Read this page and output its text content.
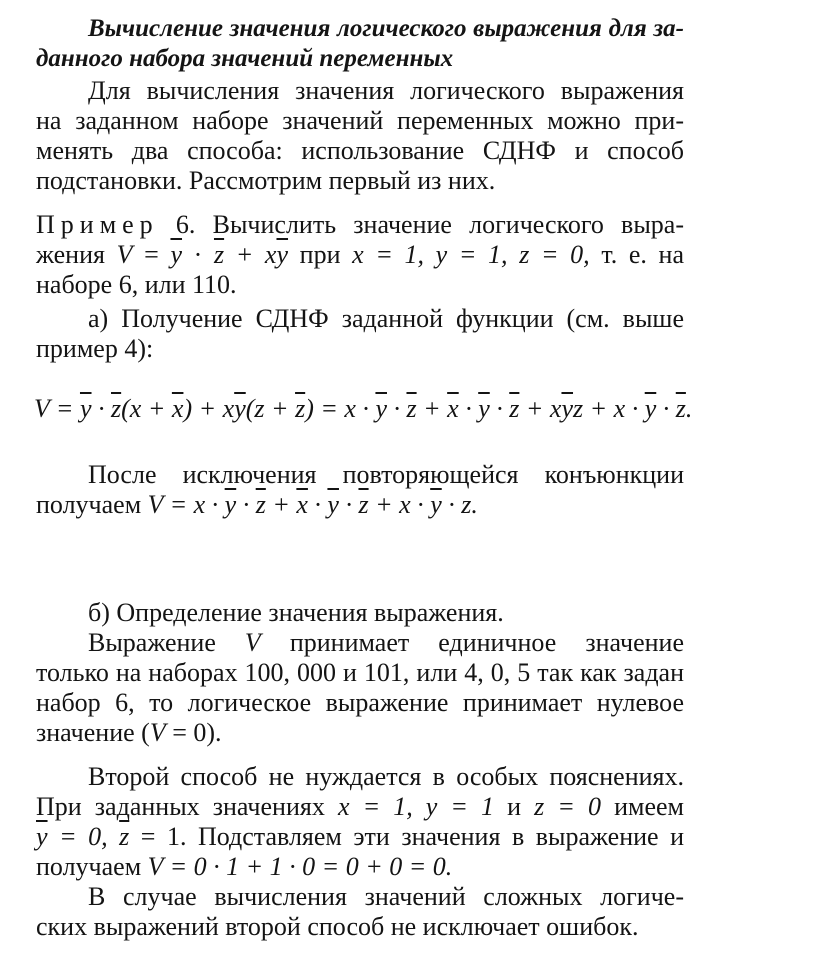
Вычисление значения логического выражения для за-
данного набора значений переменных
Для вычисления значения логического выражения
на заданном наборе значений переменных можно при-
менять два способа: использование СДНФ и способ
подстановки. Рассмотрим первый из них.
Пример 6. Вычислить значение логического выра-
жения $V = \overline{y} \cdot \overline{z} + x\overline{y}$ при x = 1, y = 1, z = 0, т. е. на
наборе 6, или 110.
а) Получение СДНФ заданной функции (см. выше
пример 4):
$V = \overline{y} \cdot \overline{z}(x + \overline{x}) + x\overline{y}(z + \overline{z}) = x \cdot \overline{y} \cdot \overline{z} + \overline{x} \cdot \overline{y} \cdot \overline{z} + x\overline{y}z + x \cdot \overline{y} \cdot \overline{z}$.
После исключения повторяющейся конъюнкции
получаем $V = x \cdot \overline{y} \cdot \overline{z} + \overline{x} \cdot \overline{y} \cdot \overline{z} + x \cdot \overline{y} \cdot z$.
б) Определение значения выражения.
Выражение V принимает единичное значение
только на наборах 100, 000 и 101, или 4, 0, 5 так как задан
набор 6, то логическое выражение принимает нулевое
значение (V = 0).
Второй способ не нуждается в особых пояснениях.
При заданных значениях x = 1, y = 1 и z = 0 имеем
$\overline{y} = 0$, $\overline{z} = 1$. Подставляем эти значения в выражение и
получаем V = 0 · 1 + 1 · 0 = 0 + 0 = 0.
В случае вычисления значений сложных логиче-
ских выражений второй способ не исключает ошибок.
